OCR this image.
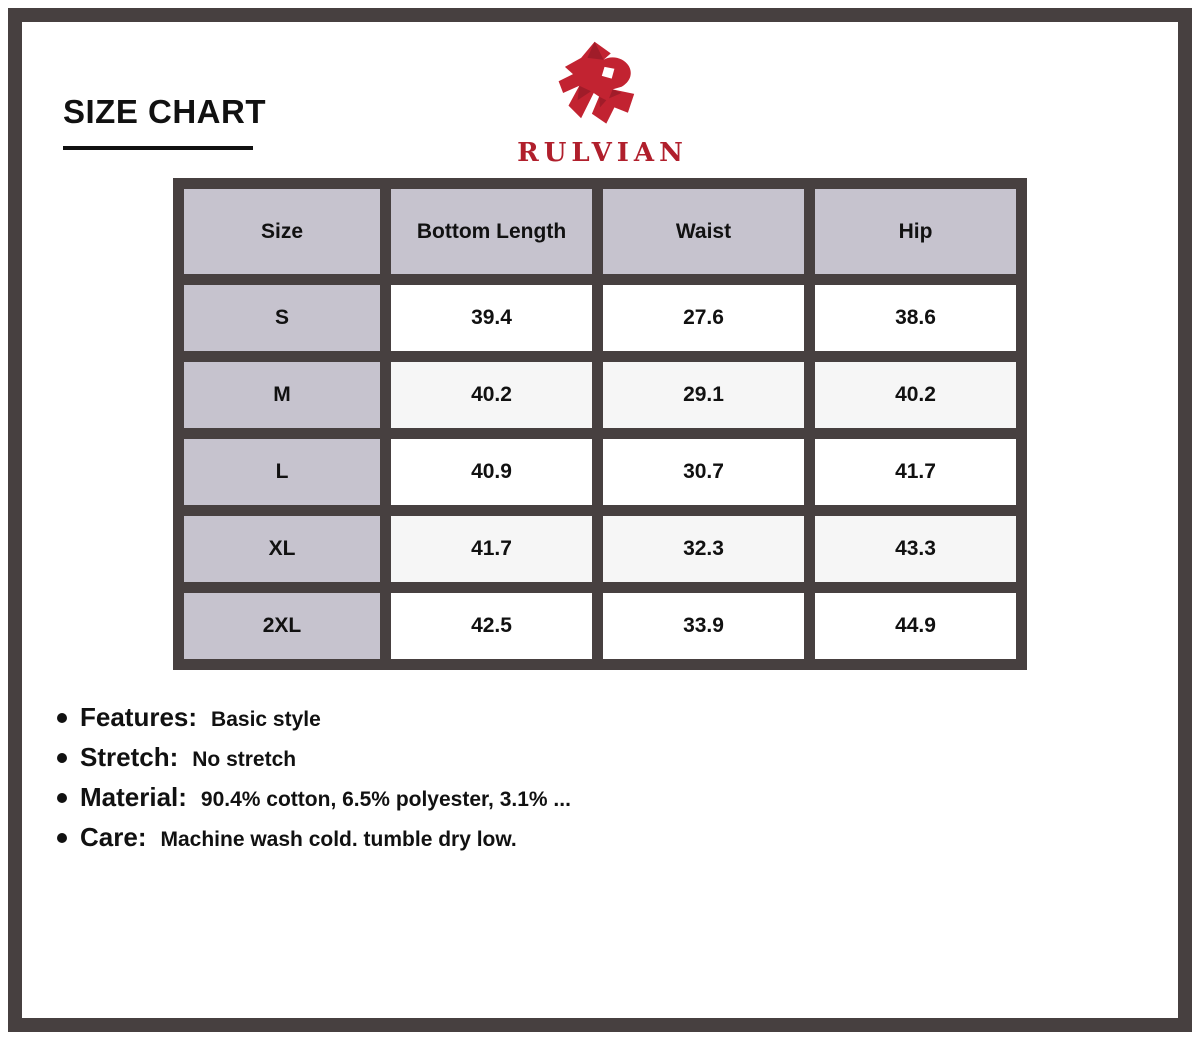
SIZE CHART
RULVIAN
Size	Bottom Length	Waist	Hip
S	39.4	27.6	38.6
M	40.2	29.1	40.2
L	40.9	30.7	41.7
XL	41.7	32.3	43.3
2XL	42.5	33.9	44.9
Features: Basic style
Stretch: No stretch
Material: 90.4% cotton, 6.5% polyester, 3.1% ...
Care: Machine wash cold. tumble dry low.
